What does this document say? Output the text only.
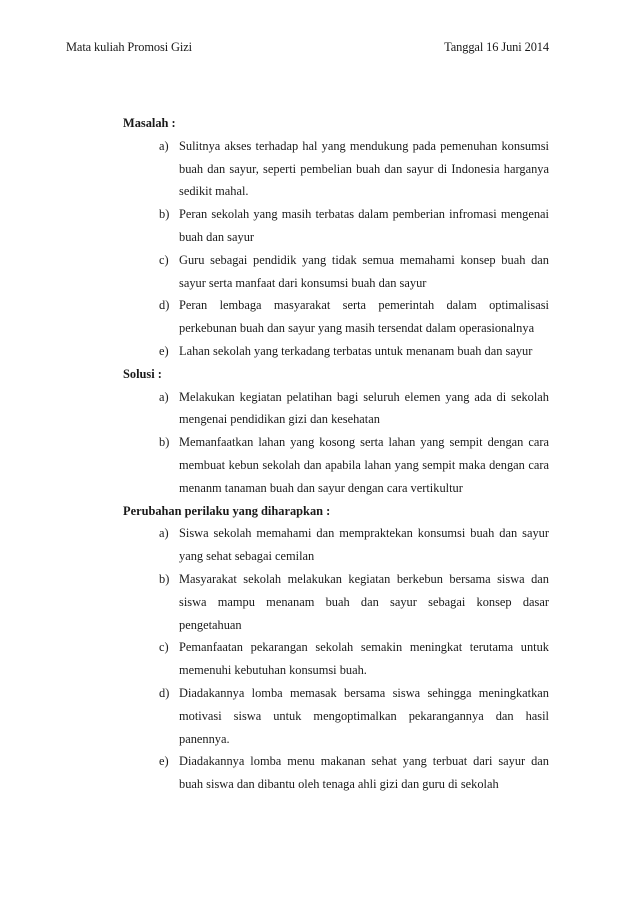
Mata kuliah Promosi Gizi	Tanggal 16 Juni 2014
Masalah :
a) Sulitnya akses terhadap hal yang mendukung pada pemenuhan konsumsi buah dan sayur, seperti pembelian buah dan sayur di Indonesia harganya sedikit mahal.
b) Peran sekolah yang masih terbatas dalam pemberian infromasi mengenai buah dan sayur
c) Guru sebagai pendidik yang tidak semua memahami konsep buah dan sayur serta manfaat dari konsumsi buah dan sayur
d) Peran lembaga masyarakat serta pemerintah dalam optimalisasi perkebunan buah dan sayur yang masih tersendat dalam operasionalnya
e) Lahan sekolah yang terkadang terbatas untuk menanam buah dan sayur
Solusi :
a) Melakukan kegiatan pelatihan bagi seluruh elemen yang ada di sekolah mengenai pendidikan gizi dan kesehatan
b) Memanfaatkan lahan yang kosong serta lahan yang sempit dengan cara membuat kebun sekolah dan apabila lahan yang sempit maka dengan cara menanm tanaman buah dan sayur dengan cara vertikultur
Perubahan perilaku yang diharapkan :
a) Siswa sekolah memahami dan mempraktekan konsumsi buah dan sayur yang sehat sebagai cemilan
b) Masyarakat sekolah melakukan kegiatan berkebun bersama siswa dan siswa mampu menanam buah dan sayur sebagai konsep dasar pengetahuan
c) Pemanfaatan pekarangan sekolah semakin meningkat terutama untuk memenuhi kebutuhan konsumsi buah.
d) Diadakannya lomba memasak bersama siswa sehingga meningkatkan motivasi siswa untuk mengoptimalkan pekarangannya dan hasil panennya.
e) Diadakannya lomba menu makanan sehat yang terbuat dari sayur dan buah siswa dan dibantu oleh tenaga ahli gizi dan guru di sekolah
